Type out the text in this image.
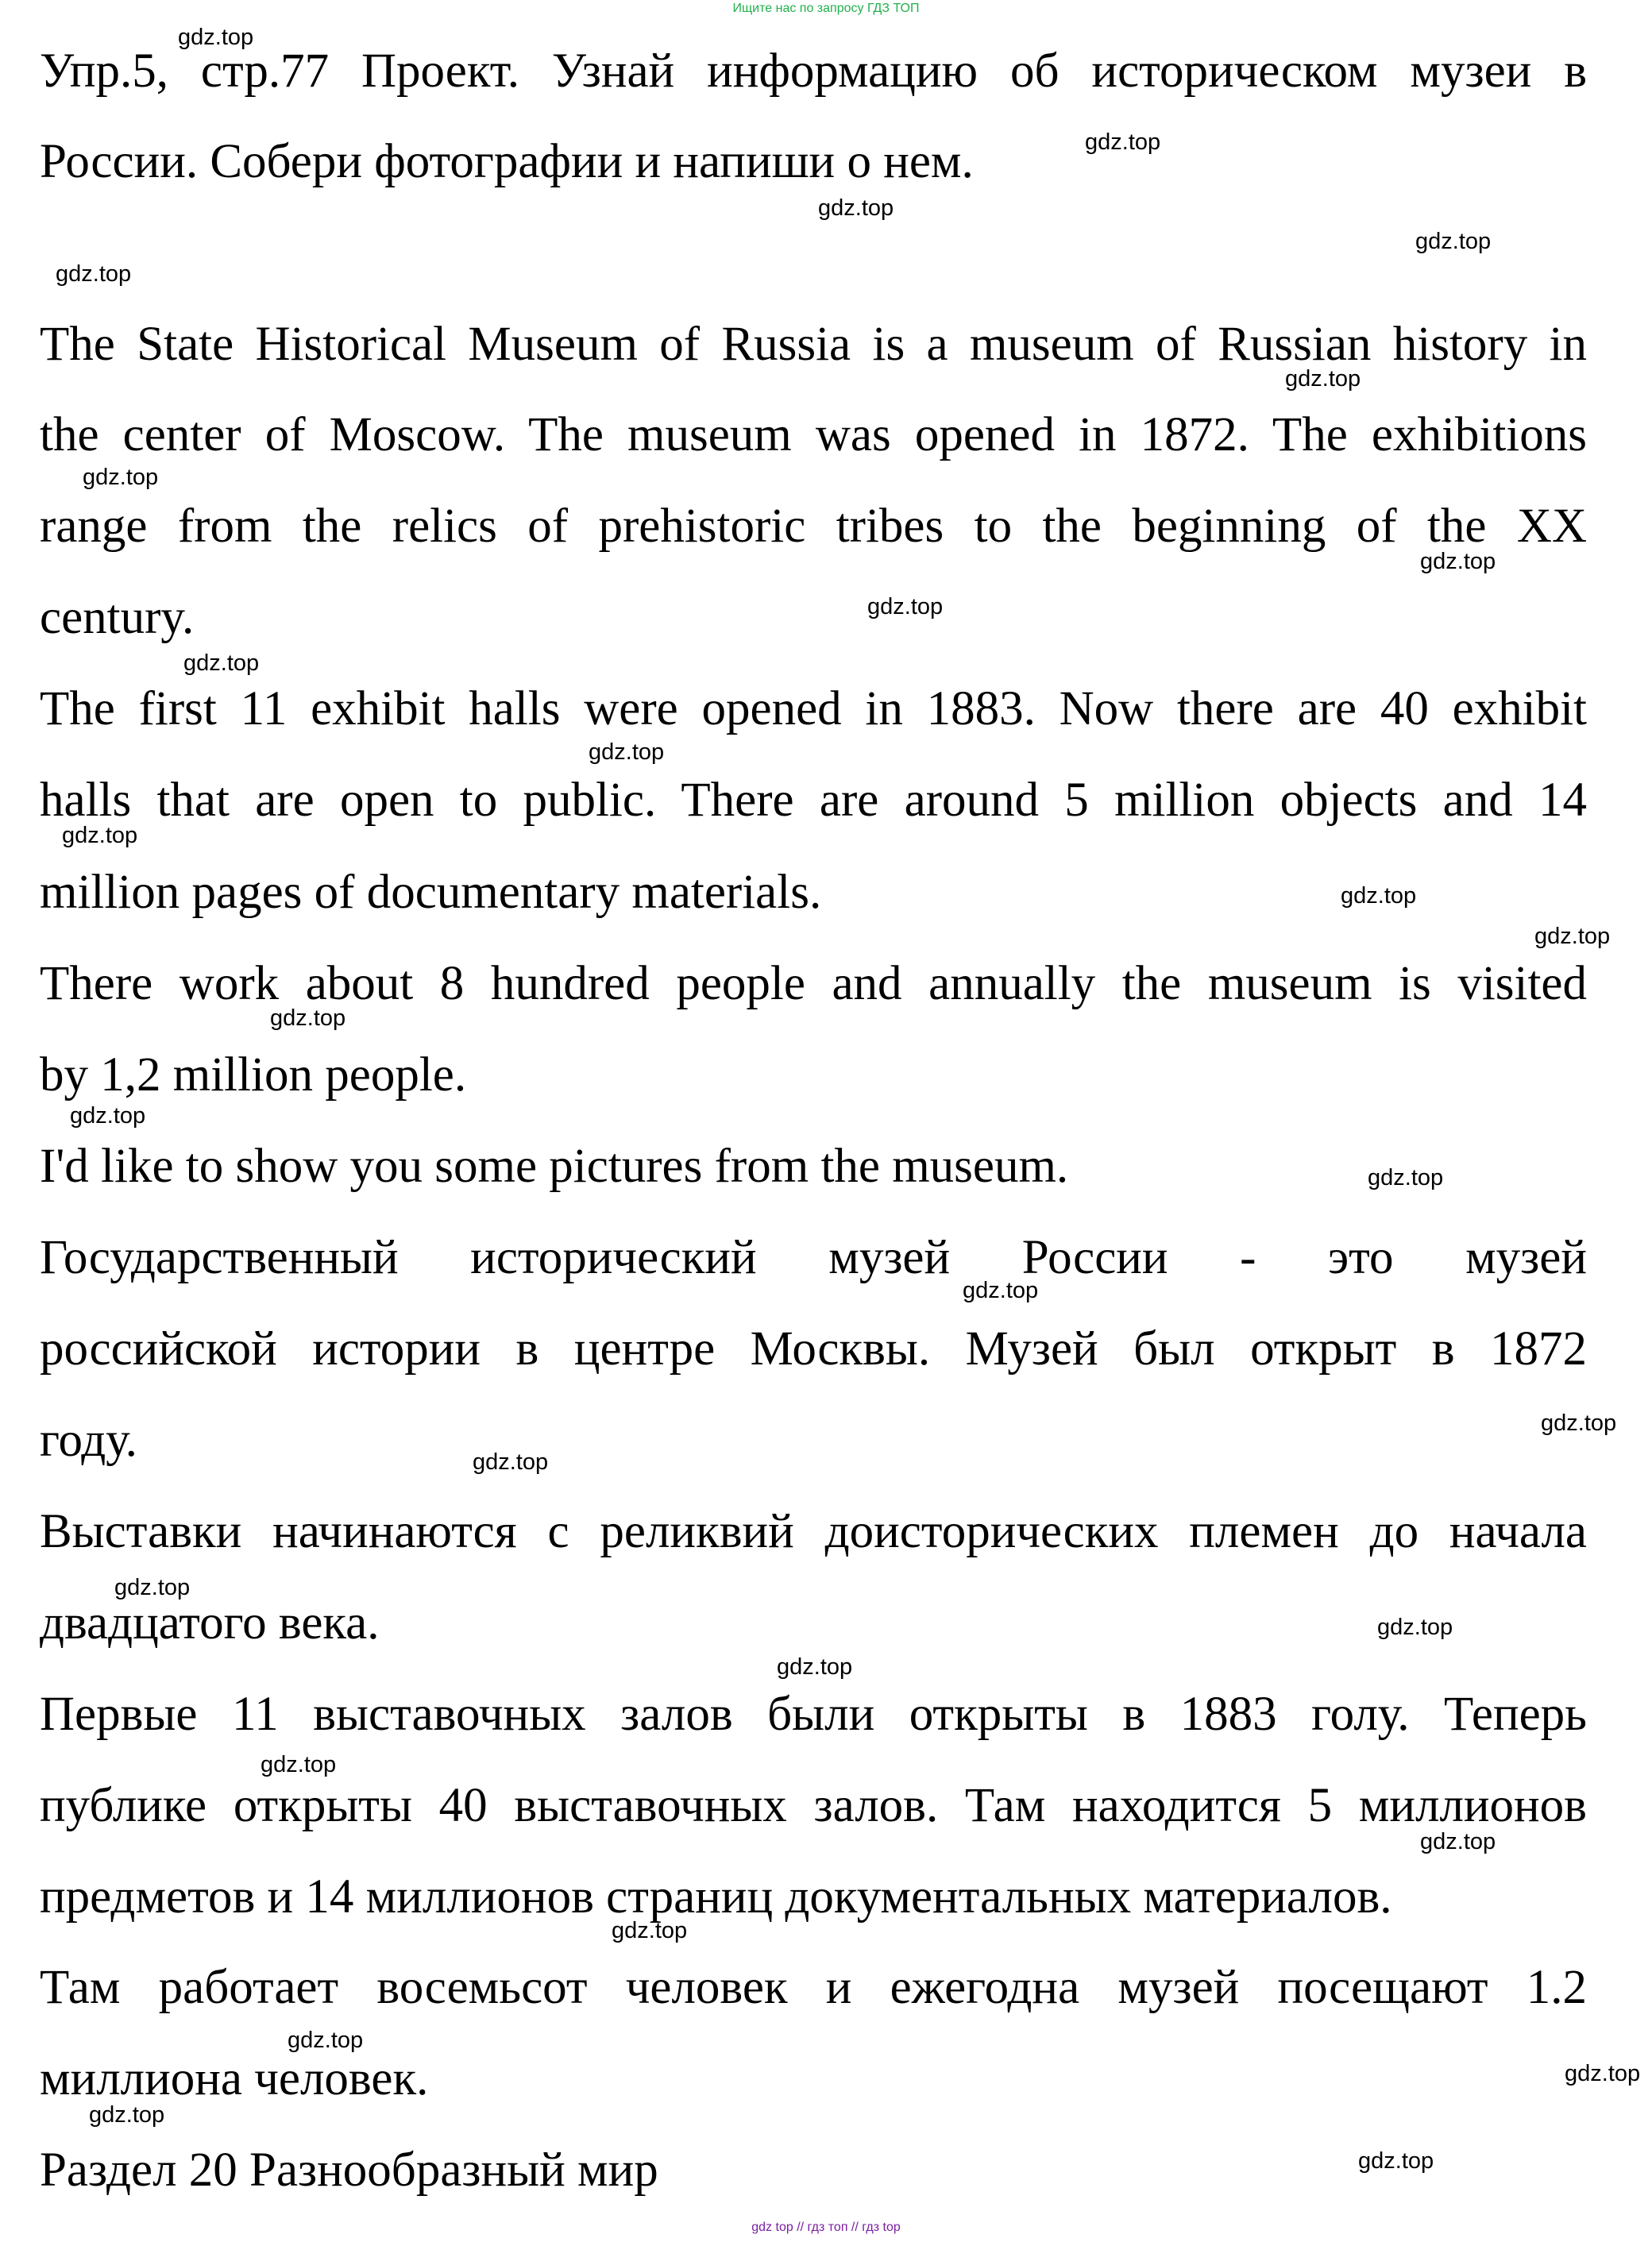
Ищите нас по запросу ГДЗ ТОП
Упр.5, стр.77 Проект. Узнай информацию об историческом музеи в
России. Собери фотографии и напиши о нем.
The State Historical Museum of Russia is a museum of Russian history in
the center of Moscow. The museum was opened in 1872. The exhibitions
range from the relics of prehistoric tribes to the beginning of the XX
century.
The first 11 exhibit halls were opened in 1883. Now there are 40 exhibit
halls that are open to public. There are around 5 million objects and 14
million pages of documentary materials.
There work about 8 hundred people and annually the museum is visited
by 1,2 million people.
I'd like to show you some pictures from the museum.
Государственный исторический музей России - это музей
российской истории в центре Москвы. Музей был открыт в 1872
году.
Выставки начинаются с реликвий доисторических племен до начала
двадцатого века.
Первые 11 выставочных залов были открыты в 1883 голу. Теперь
публике открыты 40 выставочных залов. Там находится 5 миллионов
предметов и 14 миллионов страниц документальных материалов.
Там работает восемьсот человек и ежегодна музей посещают 1.2
миллиона человек.
Раздел 20 Разнообразный мир
gdz.top
gdz.top
gdz.top
gdz.top
gdz.top
gdz.top
gdz.top
gdz.top
gdz.top
gdz.top
gdz.top
gdz.top
gdz.top
gdz.top
gdz.top
gdz.top
gdz.top
gdz.top
gdz.top
gdz.top
gdz.top
gdz.top
gdz.top
gdz.top
gdz.top
gdz.top
gdz.top
gdz.top
gdz.top
gdz.top
gdz top // гдз топ // гдз top
